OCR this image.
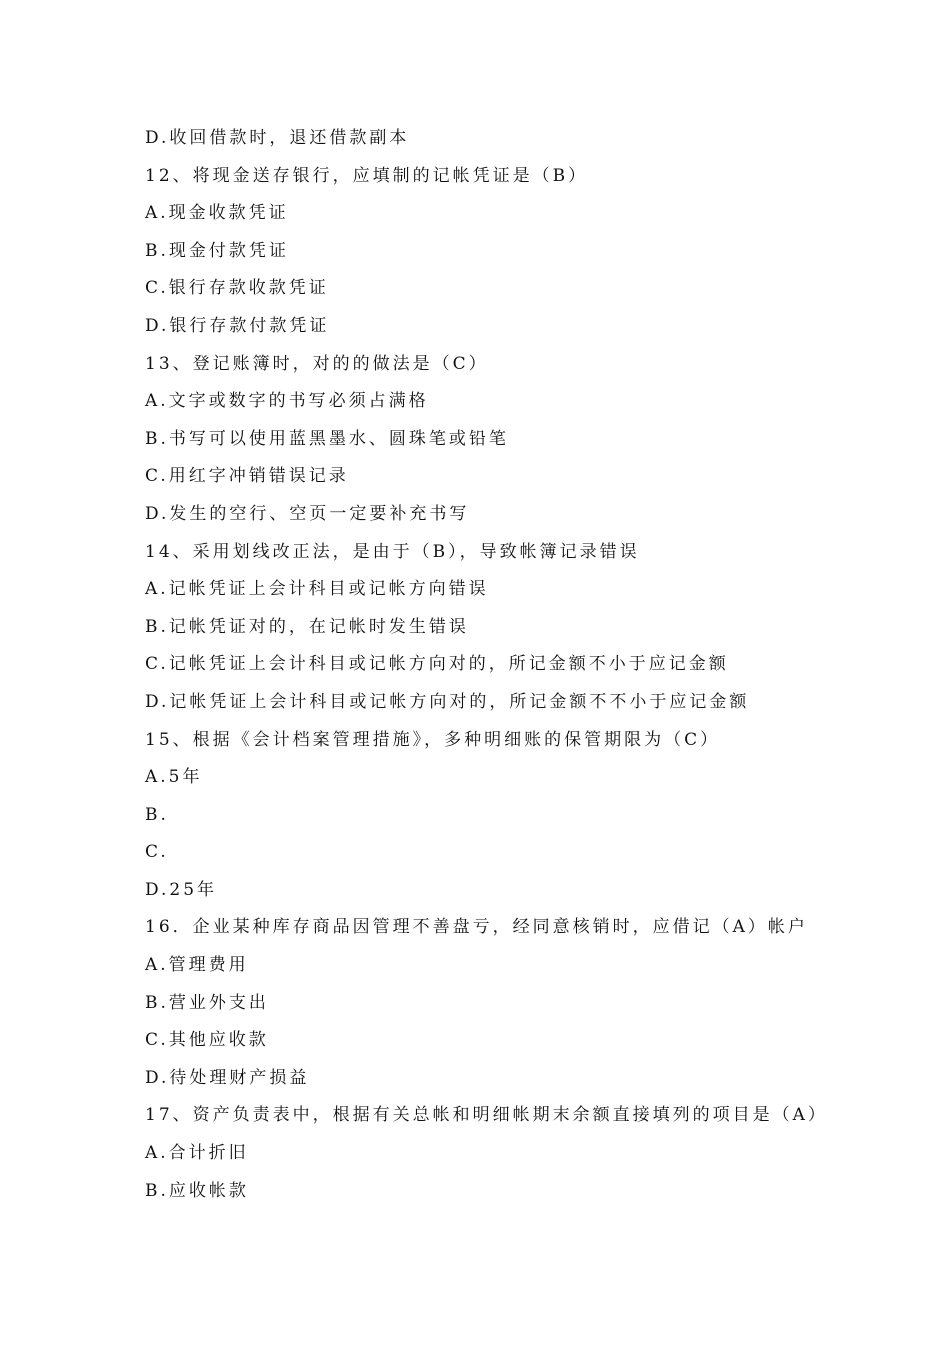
D.收回借款时，退还借款副本
12、将现金送存银行，应填制的记帐凭证是（B）
A.现金收款凭证
B.现金付款凭证
C.银行存款收款凭证
D.银行存款付款凭证
13、登记账簿时，对的的做法是（C）
A.文字或数字的书写必须占满格
B.书写可以使用蓝黑墨水、圆珠笔或铅笔
C.用红字冲销错误记录
D.发生的空行、空页一定要补充书写
14、采用划线改正法，是由于（B），导致帐簿记录错误
A.记帐凭证上会计科目或记帐方向错误
B.记帐凭证对的，在记帐时发生错误
C.记帐凭证上会计科目或记帐方向对的，所记金额不小于应记金额
D.记帐凭证上会计科目或记帐方向对的，所记金额不不小于应记金额
15、根据《会计档案管理措施》，多种明细账的保管期限为（C）
A.5年
B.
C.
D.25年
16．企业某种库存商品因管理不善盘亏，经同意核销时，应借记（A）帐户
A.管理费用
B.营业外支出
C.其他应收款
D.待处理财产损益
17、资产负责表中，根据有关总帐和明细帐期末余额直接填列的项目是（A）
A.合计折旧
B.应收帐款
